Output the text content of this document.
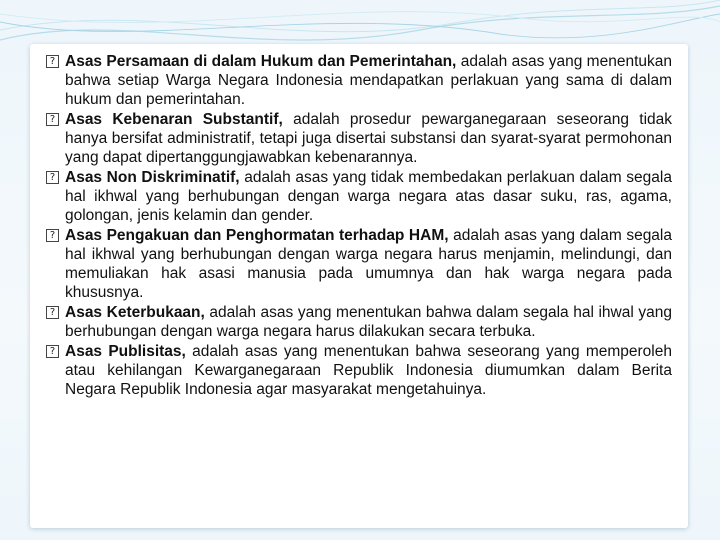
? Asas Persamaan di dalam Hukum dan Pemerintahan, adalah asas yang menentukan bahwa setiap Warga Negara Indonesia mendapatkan perlakuan yang sama di dalam hukum dan pemerintahan.

? Asas Kebenaran Substantif, adalah prosedur pewarganegaraan seseorang tidak hanya bersifat administratif, tetapi juga disertai substansi dan syarat-syarat permohonan yang dapat dipertanggungjawabkan kebenarannya.

? Asas Non Diskriminatif, adalah asas yang tidak membedakan perlakuan dalam segala hal ikhwal yang berhubungan dengan warga negara atas dasar suku, ras, agama, golongan, jenis kelamin dan gender.

? Asas Pengakuan dan Penghormatan terhadap HAM, adalah asas yang dalam segala hal ikhwal yang berhubungan dengan warga negara harus menjamin, melindungi, dan memuliakan hak asasi manusia pada umumnya dan hak warga negara pada khususnya.

? Asas Keterbukaan, adalah asas yang menentukan bahwa dalam segala hal ihwal yang berhubungan dengan warga negara harus dilakukan secara terbuka.

? Asas Publisitas, adalah asas yang menentukan bahwa seseorang yang memperoleh atau kehilangan Kewarganegaraan Republik Indonesia diumumkan dalam Berita Negara Republik Indonesia agar masyarakat mengetahuinya.
